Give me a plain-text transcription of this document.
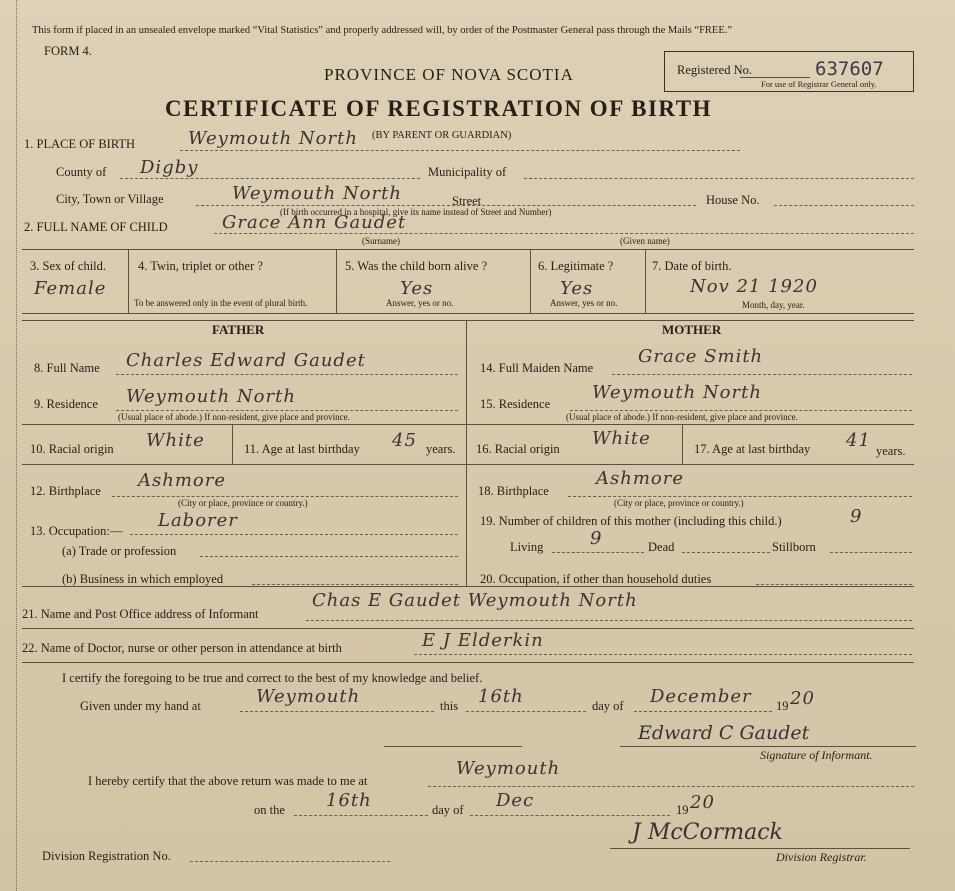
This form if placed in an unsealed envelope marked “Vital Statistics” and properly addressed will, by order of the Postmaster General pass through the Mails “FREE.”
FORM 4.
PROVINCE OF NOVA SCOTIA
CERTIFICATE OF REGISTRATION OF BIRTH
Registered No.	637607
For use of Registrar General only.
1. PLACE OF BIRTH	Weymouth North (BY PARENT OR GUARDIAN)
County of Digby	Municipality of
City, Town or Village	Weymouth North	Street	House No.
(If birth occurred in a hospital, give its name instead of Street and Number)
2. FULL NAME OF CHILD	Grace Ann Gaudet
(Surname)	(Given name)
3. Sex of child.
Female
4. Twin, triplet or other ?
To be answered only in the event of plural birth.
5. Was the child born alive ?
Yes
Answer, yes or no.
6. Legitimate ?
Yes
Answer, yes or no.
7. Date of birth.
Nov 21 1920
Month, day, year.
FATHER	MOTHER
8. Full Name Charles Edward Gaudet
9. Residence Weymouth North
(Usual place of abode.) If non-resident, give place and province.
10. Racial origin White	11. Age at last birthday 45 years.
12. Birthplace Ashmore
(City or place, province or country.)
13. Occupation:— Laborer
(a) Trade or profession
(b) Business in which employed
14. Full Maiden Name
Grace Smith
15. Residence
Weymouth North
(Usual place of abode.) If non-resident, give place and province.
16. Racial origin White	17. Age at last birthday 41 years.
18. Birthplace
Ashmore
(City or place, province or country.)
19. Number of children of this mother (including this child.)	9
Living	9	Dead	Stillborn
20. Occupation, if other than household duties
21. Name and Post Office address of Informant
Chas E Gaudet Weymouth North
22. Name of Doctor, nurse or other person in attendance at birth	E J Elderkin
I certify the foregoing to be true and correct to the best of my knowledge and belief.
Given under my hand at	Weymouth	this 16th	day of December 19 20
Edward C Gaudet
Signature of Informant.
I hereby certify that the above return was made to me at
Weymouth
on the 16th	day of Dec	19 20
J McCormack
Division Registrar.
Division Registration No.
